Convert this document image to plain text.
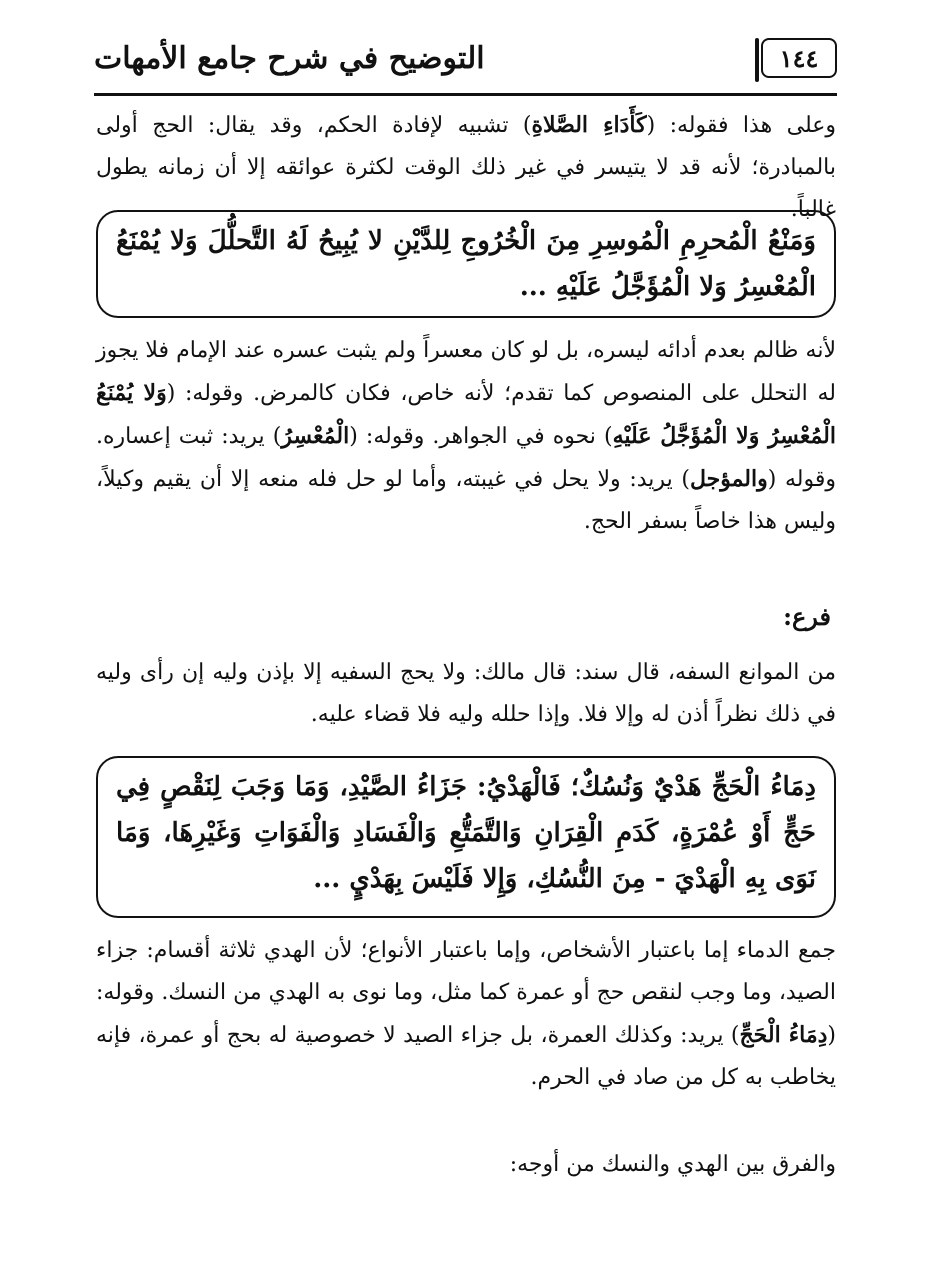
١٤٤
التوضيح في شرح جامع الأمهات
وعلى هذا فقوله: (كَأَدَاءِ الصَّلاةِ) تشبيه لإفادة الحكم، وقد يقال: الحج أولى بالمبادرة؛ لأنه قد لا يتيسر في غير ذلك الوقت لكثرة عوائقه إلا أن زمانه يطول غالباً.
وَمَنْعُ الْمُحرِمِ الْمُوسِرِ مِنَ الْخُرُوجِ لِلدَّيْنِ لا يُبِيحُ لَهُ التَّحلُّلَ وَلا يُمْنَعُ الْمُعْسِرُ وَلا الْمُؤَجَّلُ عَلَيْهِ ...
لأنه ظالم بعدم أدائه ليسره، بل لو كان معسراً ولم يثبت عسره عند الإمام فلا يجوز له التحلل على المنصوص كما تقدم؛ لأنه خاص، فكان كالمرض. وقوله: (وَلا يُمْنَعُ الْمُعْسِرُ وَلا الْمُؤَجَّلُ عَلَيْهِ) نحوه في الجواهر. وقوله: (الْمُعْسِرُ) يريد: ثبت إعساره. وقوله (والمؤجل) يريد: ولا يحل في غيبته، وأما لو حل فله منعه إلا أن يقيم وكيلاً، وليس هذا خاصاً بسفر الحج.
فرع:
من الموانع السفه، قال سند: قال مالك: ولا يحج السفيه إلا بإذن وليه إن رأى وليه في ذلك نظراً أذن له وإلا فلا. وإذا حلله وليه فلا قضاء عليه.
دِمَاءُ الْحَجِّ هَدْيٌ وَنُسُكٌ؛ فَالْهَدْيُ: جَزَاءُ الصَّيْدِ، وَمَا وَجَبَ لِنَقْصٍ فِي حَجٍّ أَوْ عُمْرَةٍ، كَدَمِ الْقِرَانِ وَالتَّمَتُّعِ وَالْفَسَادِ وَالْفَوَاتِ وَغَيْرِهَا، وَمَا نَوَى بِهِ الْهَدْيَ - مِنَ النُّسُكِ، وَإِلا فَلَيْسَ بِهَدْيٍ ...
جمع الدماء إما باعتبار الأشخاص، وإما باعتبار الأنواع؛ لأن الهدي ثلاثة أقسام: جزاء الصيد، وما وجب لنقص حج أو عمرة كما مثل، وما نوى به الهدي من النسك. وقوله: (دِمَاءُ الْحَجِّ) يريد: وكذلك العمرة، بل جزاء الصيد لا خصوصية له بحج أو عمرة، فإنه يخاطب به كل من صاد في الحرم.
والفرق بين الهدي والنسك من أوجه:
